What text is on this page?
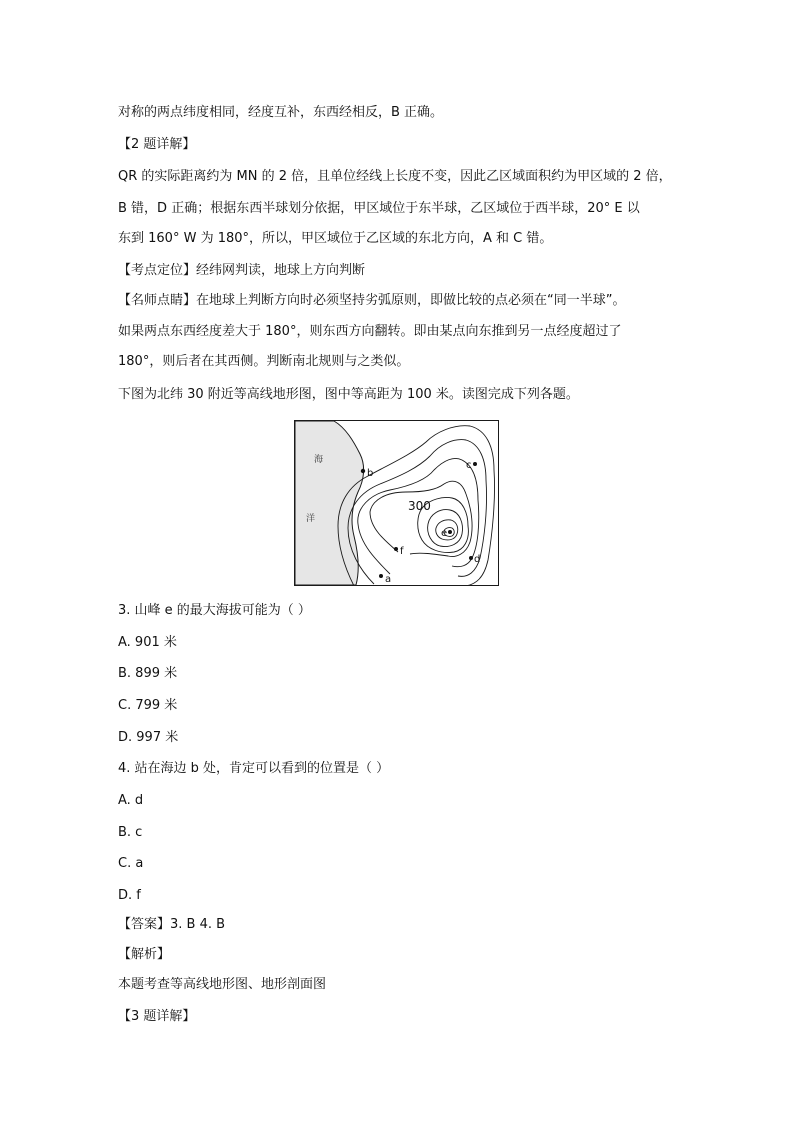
对称的两点纬度相同，经度互补，东西经相反，B 正确。
【2 题详解】
QR 的实际距离约为 MN 的 2 倍，且单位经线上长度不变，因此乙区域面积约为甲区域的 2 倍，
B 错，D 正确；根据东西半球划分依据，甲区域位于东半球，乙区域位于西半球，20° E 以
东到 160° W 为 180°，所以，甲区域位于乙区域的东北方向，A 和 C 错。
【考点定位】经纬网判读，地球上方向判断
【名师点睛】在地球上判断方向时必须坚持劣弧原则，即做比较的点必须在“同一半球”。
如果两点东西经度差大于 180°，则东西方向翻转。即由某点向东推到另一点经度超过了
180°，则后者在其西侧。判断南北规则与之类似。
下图为北纬 30 附近等高线地形图，图中等高距为 100 米。读图完成下列各题。
海
洋
300
a
b
c
d
e
f
3. 山峰 e 的最大海拔可能为（ ）
A. 901 米
B. 899 米
C. 799 米
D. 997 米
4. 站在海边 b 处，肯定可以看到的位置是（ ）
A. d
B. c
C. a
D. f
【答案】3. B 4. B
【解析】
本题考查等高线地形图、地形剖面图
【3 题详解】
